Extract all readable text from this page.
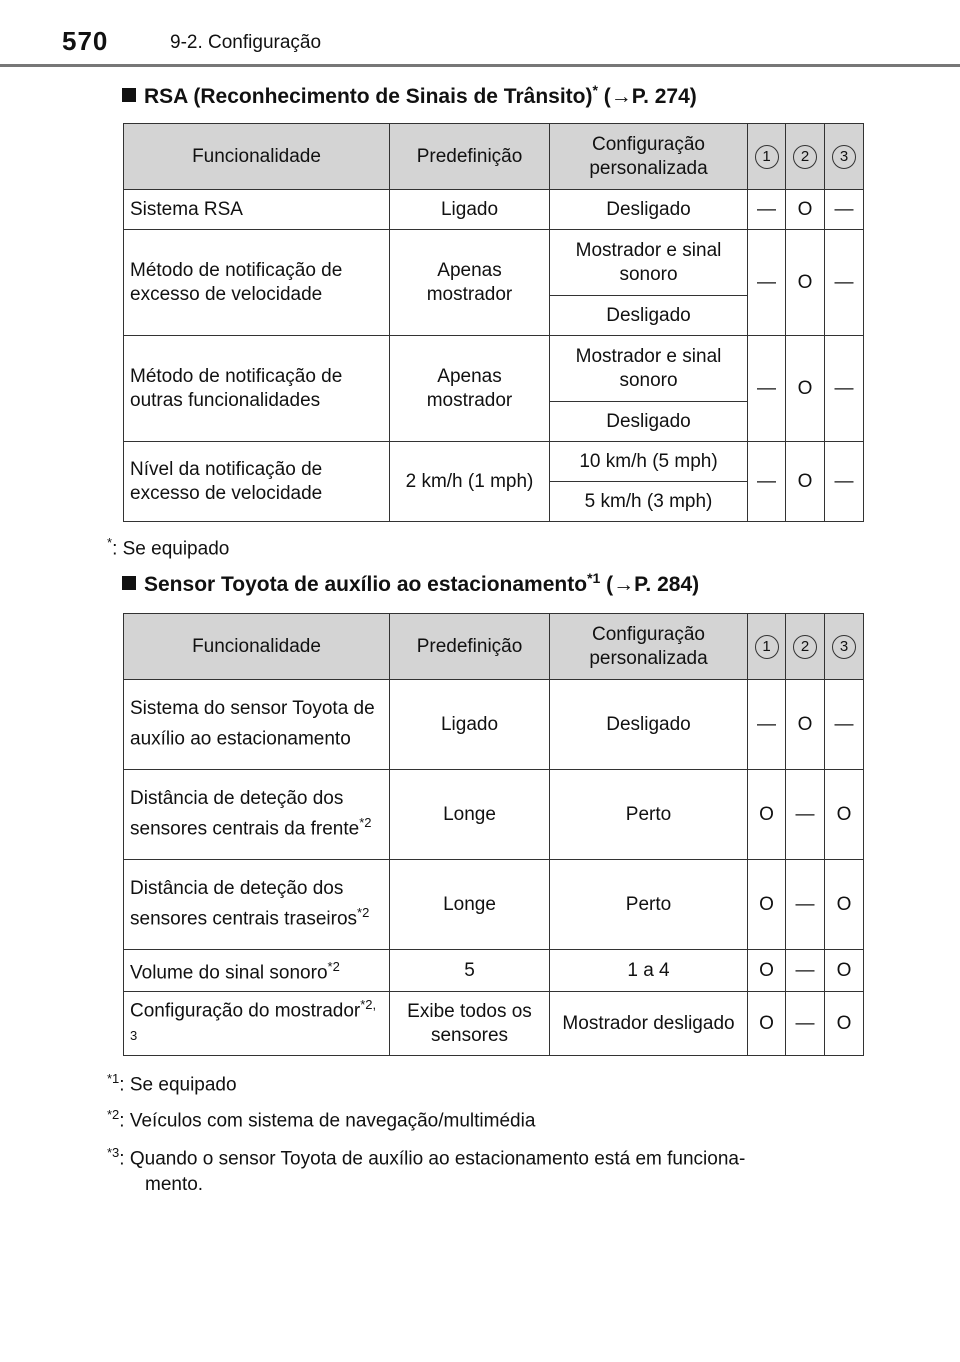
570	9-2. Configuração
RSA (Reconhecimento de Sinais de Trânsito)* (→P. 274)
Funcionalidade	Predefinição	Configuração personalizada	1	2	3
Sistema RSA	Ligado	Desligado	—	O	—
Método de notificação de excesso de velocidade	Apenas mostrador	Mostrador e sinal sonoro	—	O	—
		Desligado			
Método de notificação de outras funcionalidades	Apenas mostrador	Mostrador e sinal sonoro	—	O	—
		Desligado			
Nível da notificação de excesso de velocidade	2 km/h (1 mph)	10 km/h (5 mph)	—	O	—
		5 km/h (3 mph)			
*: Se equipado
Sensor Toyota de auxílio ao estacionamento$^{*1}$ (→P. 284)
Funcionalidade	Predefinição	Configuração personalizada	1	2	3
Sistema do sensor Toyota de auxílio ao estacionamento	Ligado	Desligado	—	O	—
Distância de deteção dos sensores centrais da frente$^{*2}$	Longe	Perto	O	—	O
Distância de deteção dos sensores centrais traseiros$^{*2}$	Longe	Perto	O	—	O
Volume do sinal sonoro$^{*2}$	5	1 a 4	O	—	O
Configuração do mostrador$^{*2, 3}$	Exibe todos os sensores	Mostrador desligado	O	—	O
$^{*1}$: Se equipado
$^{*2}$: Veículos com sistema de navegação/multimédia
$^{*3}$: Quando o sensor Toyota de auxílio ao estacionamento está em funciona-
mento.
